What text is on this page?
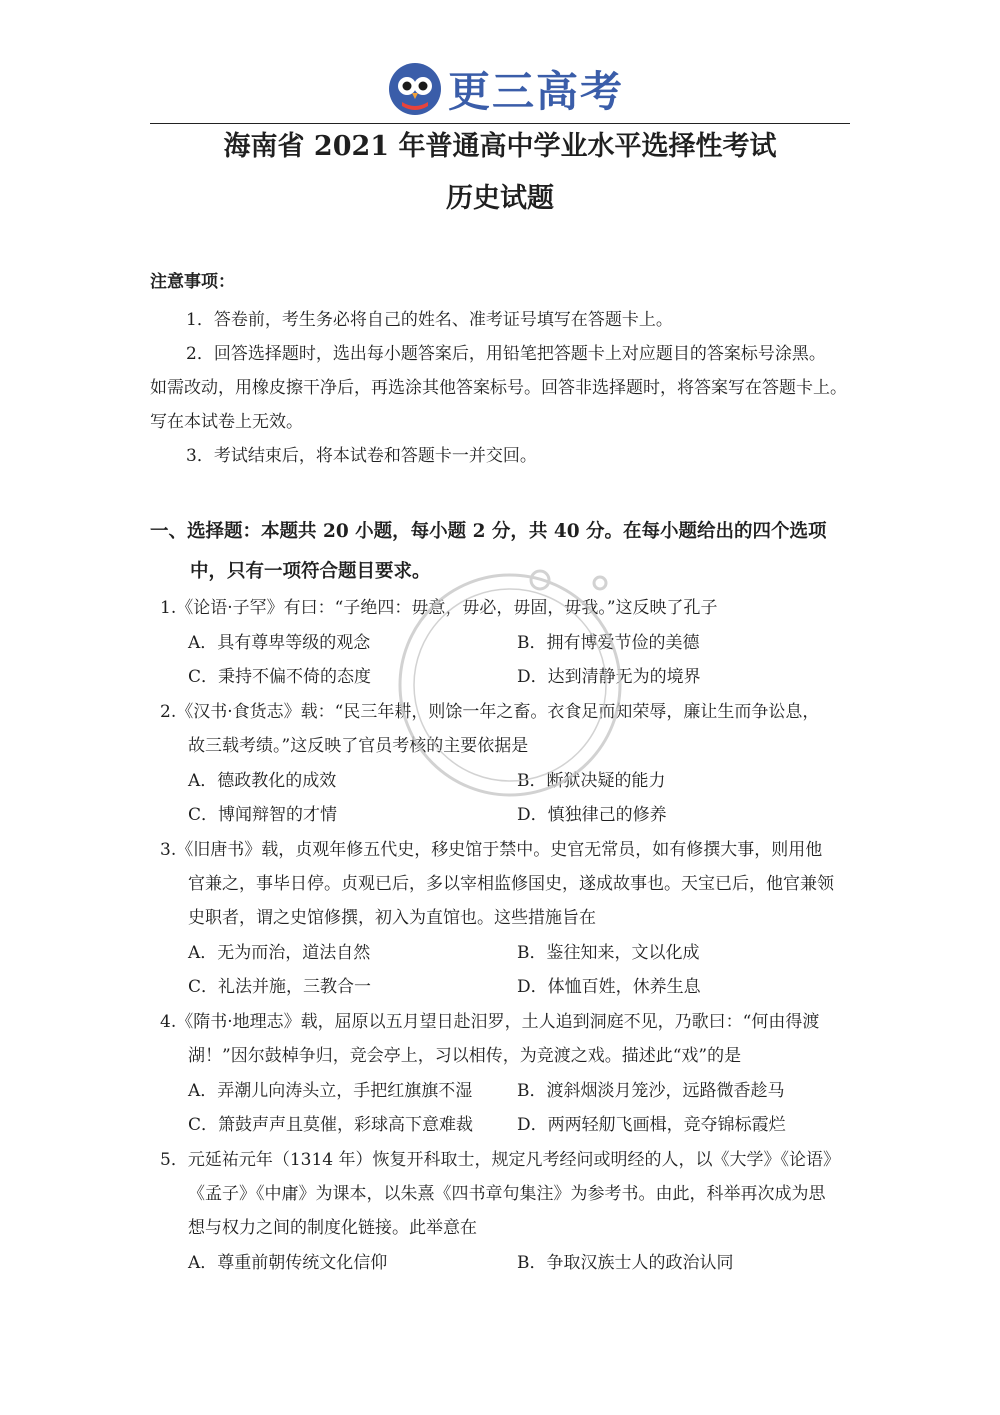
更三高考
海南省 2021 年普通高中学业水平选择性考试
历史试题
注意事项：
1．答卷前，考生务必将自己的姓名、准考证号填写在答题卡上。
2．回答选择题时，选出每小题答案后，用铅笔把答题卡上对应题目的答案标号涂黑。
如需改动，用橡皮擦干净后，再选涂其他答案标号。回答非选择题时，将答案写在答题卡上。
写在本试卷上无效。
3．考试结束后，将本试卷和答题卡一并交回。
一、选择题：本题共 20 小题，每小题 2 分，共 40 分。在每小题给出的四个选项
中，只有一项符合题目要求。
1.《论语·子罕》有曰：“子绝四：毋意，毋必，毋固，毋我。”这反映了孔子
A．具有尊卑等级的观念	B．拥有博爱节俭的美德
C．秉持不偏不倚的态度	D．达到清静无为的境界
2.《汉书·食货志》载：“民三年耕，则馀一年之畜。衣食足而知荣辱，廉让生而争讼息，
故三载考绩。”这反映了官员考核的主要依据是
A．德政教化的成效	B．断狱决疑的能力
C．博闻辩智的才情	D．慎独律己的修养
3.《旧唐书》载，贞观年修五代史，移史馆于禁中。史官无常员，如有修撰大事，则用他
官兼之，事毕日停。贞观已后，多以宰相监修国史，遂成故事也。天宝已后，他官兼领
史职者，谓之史馆修撰，初入为直馆也。这些措施旨在
A．无为而治，道法自然	B．鉴往知来，文以化成
C．礼法并施，三教合一	D．体恤百姓，休养生息
4.《隋书·地理志》载，屈原以五月望日赴汨罗，土人追到洞庭不见，乃歌曰：“何由得渡
湖！”因尔鼓棹争归，竞会亭上，习以相传，为竞渡之戏。描述此“戏”的是
A．弄潮儿向涛头立，手把红旗旗不湿	B．渡斜烟淡月笼沙，远路微香趁马
C．箫鼓声声且莫催，彩球高下意难裁	D．两两轻舠飞画楫，竞夺锦标霞烂
5．元延祐元年（1314 年）恢复开科取士，规定凡考经问或明经的人，以《大学》《论语》
《孟子》《中庸》为课本，以朱熹《四书章句集注》为参考书。由此，科举再次成为思
想与权力之间的制度化链接。此举意在
A．尊重前朝传统文化信仰	B．争取汉族士人的政治认同
